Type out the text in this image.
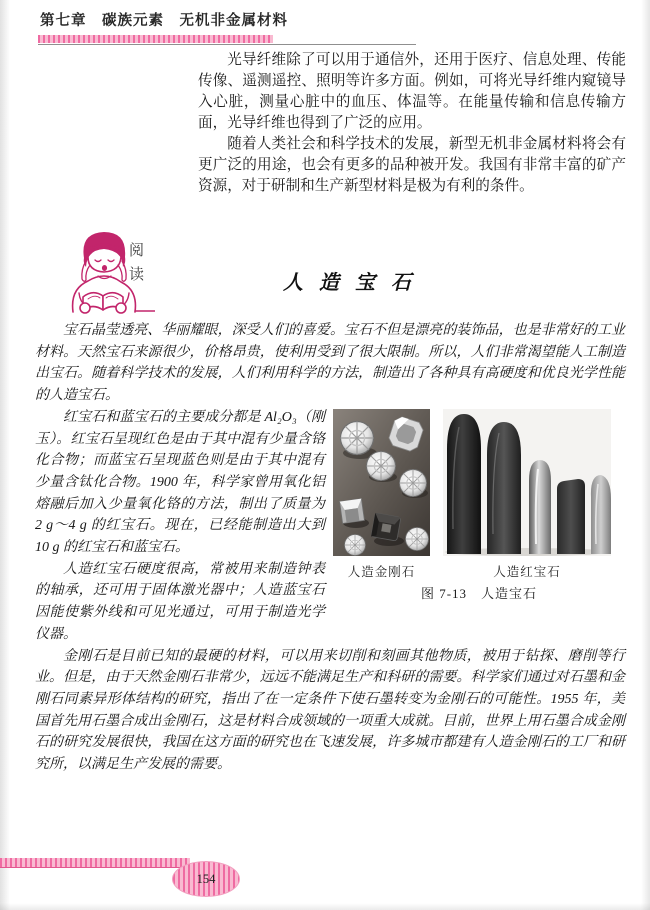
第七章　碳族元素　无机非金属材料

光导纤维除了可以用于通信外，还用于医疗、信息处理、传能传像、遥测遥控、照明等许多方面。例如，可将光导纤维内窥镜导入心脏，测量心脏中的血压、体温等。在能量传输和信息传输方面，光导纤维也得到了广泛的应用。

随着人类社会和科学技术的发展，新型无机非金属材料将会有更广泛的用途，也会有更多的品种被开发。我国有非常丰富的矿产资源，对于研制和生产新型材料是极为有利的条件。

阅读	人造宝石

宝石晶莹透亮、华丽耀眼，深受人们的喜爱。宝石不但是漂亮的装饰品，也是非常好的工业材料。天然宝石来源很少，价格昂贵，使利用受到了很大限制。所以，人们非常渴望能人工制造出宝石。随着科学技术的发展，人们利用科学的方法，制造出了各种具有高硬度和优良光学性能的人造宝石。

人造金刚石	人造红宝石
图 7-13　人造宝石

红宝石和蓝宝石的主要成分都是 Al₂O₃（刚玉）。红宝石呈现红色是由于其中混有少量含铬化合物；而蓝宝石呈现蓝色则是由于其中混有少量含钛化合物。1900 年，科学家曾用氧化铝熔融后加入少量氧化铬的方法，制出了质量为 2 g～4 g 的红宝石。现在，已经能制造出大到 10 g 的红宝石和蓝宝石。

人造红宝石硬度很高，常被用来制造钟表的轴承，还可用于固体激光器中；人造蓝宝石因能使紫外线和可见光通过，可用于制造光学仪器。

金刚石是目前已知的最硬的材料，可以用来切削和刻画其他物质，被用于钻探、磨削等行业。但是，由于天然金刚石非常少，远远不能满足生产和科研的需要。科学家们通过对石墨和金刚石同素异形体结构的研究，指出了在一定条件下使石墨转变为金刚石的可能性。1955 年，美国首先用石墨合成出金刚石，这是材料合成领域的一项重大成就。目前，世界上用石墨合成金刚石的研究发展很快，我国在这方面的研究也在飞速发展，许多城市都建有人造金刚石的工厂和研究所，以满足生产发展的需要。

154
